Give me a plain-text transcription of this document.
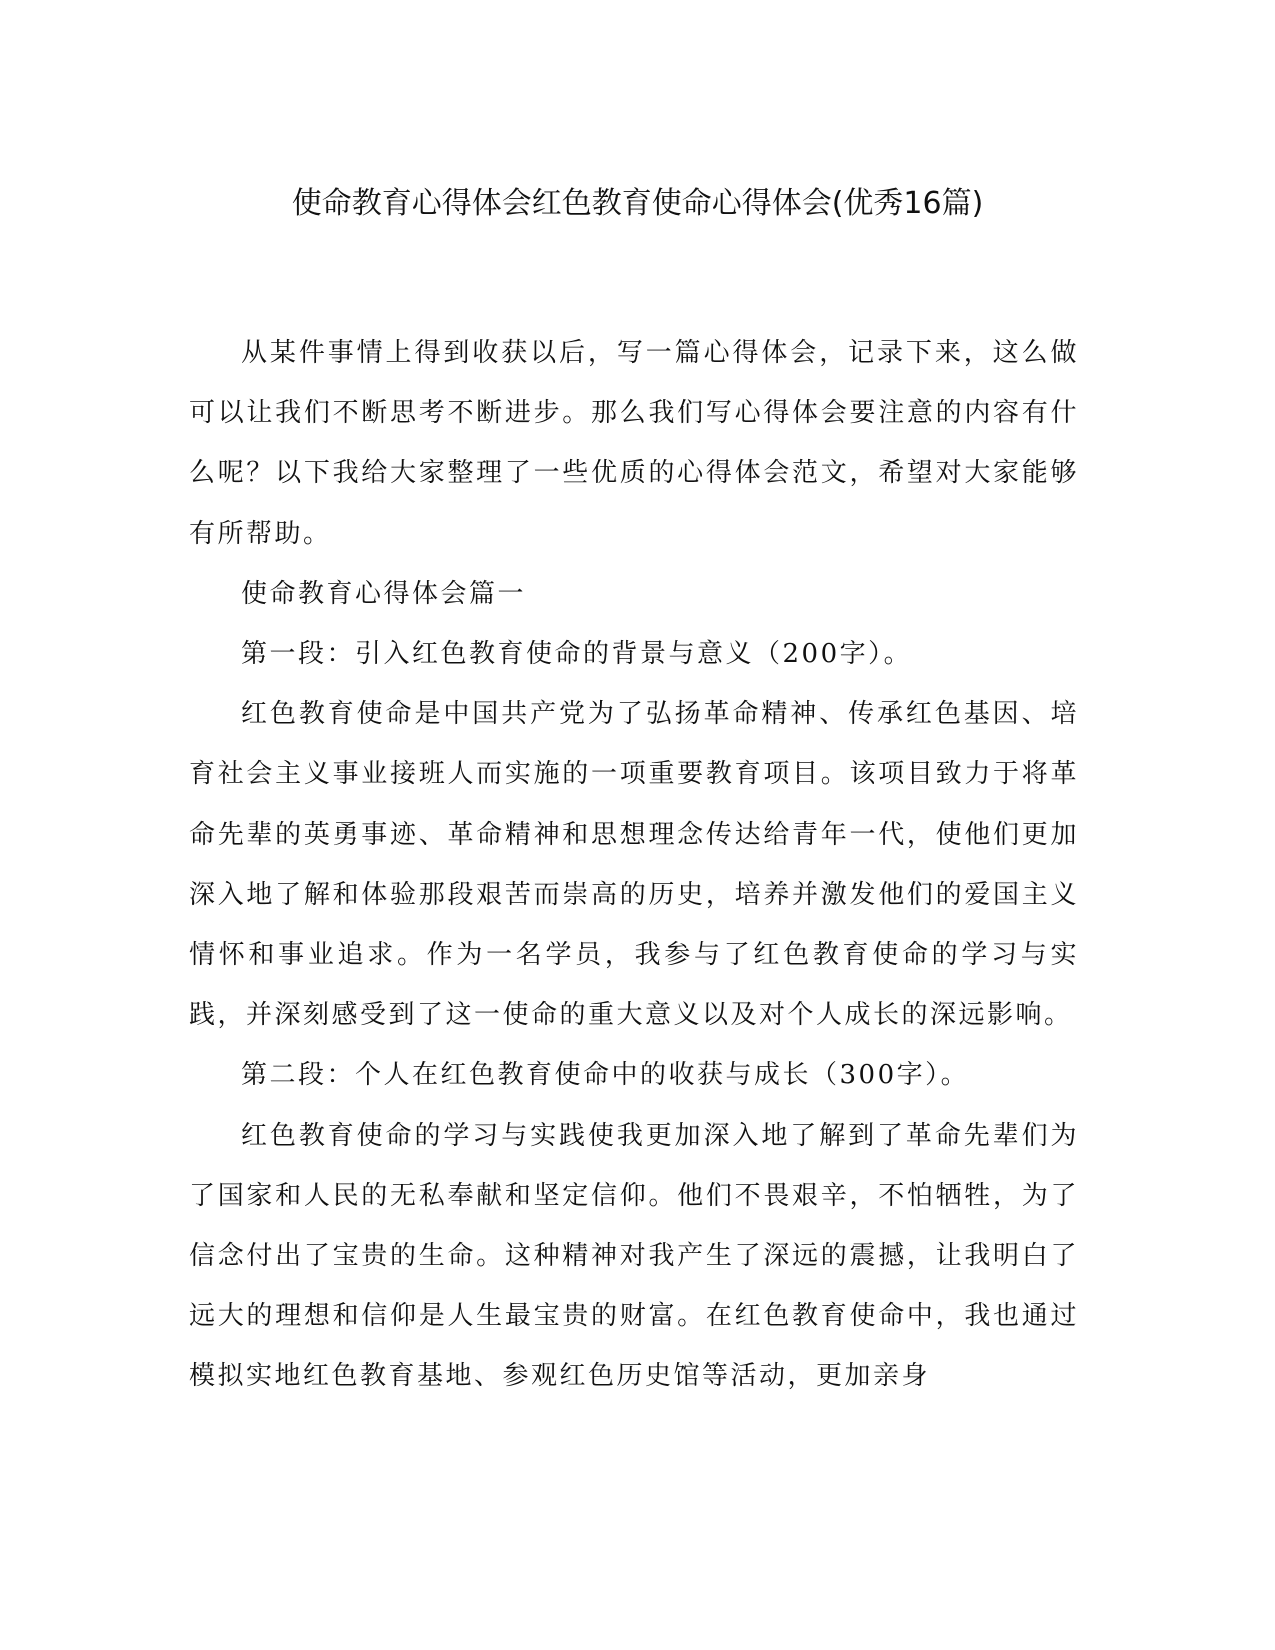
使命教育心得体会红色教育使命心得体会(优秀16篇)

从某件事情上得到收获以后，写一篇心得体会，记录下来，这么做可以让我们不断思考不断进步。那么我们写心得体会要注意的内容有什么呢？以下我给大家整理了一些优质的心得体会范文，希望对大家能够有所帮助。

使命教育心得体会篇一

第一段：引入红色教育使命的背景与意义（200字）。

红色教育使命是中国共产党为了弘扬革命精神、传承红色基因、培育社会主义事业接班人而实施的一项重要教育项目。该项目致力于将革命先辈的英勇事迹、革命精神和思想理念传达给青年一代，使他们更加深入地了解和体验那段艰苦而崇高的历史，培养并激发他们的爱国主义情怀和事业追求。作为一名学员，我参与了红色教育使命的学习与实践，并深刻感受到了这一使命的重大意义以及对个人成长的深远影响。

第二段：个人在红色教育使命中的收获与成长（300字）。

红色教育使命的学习与实践使我更加深入地了解到了革命先辈们为了国家和人民的无私奉献和坚定信仰。他们不畏艰辛，不怕牺牲，为了信念付出了宝贵的生命。这种精神对我产生了深远的震撼，让我明白了远大的理想和信仰是人生最宝贵的财富。在红色教育使命中，我也通过模拟实地红色教育基地、参观红色历史馆等活动，更加亲身
